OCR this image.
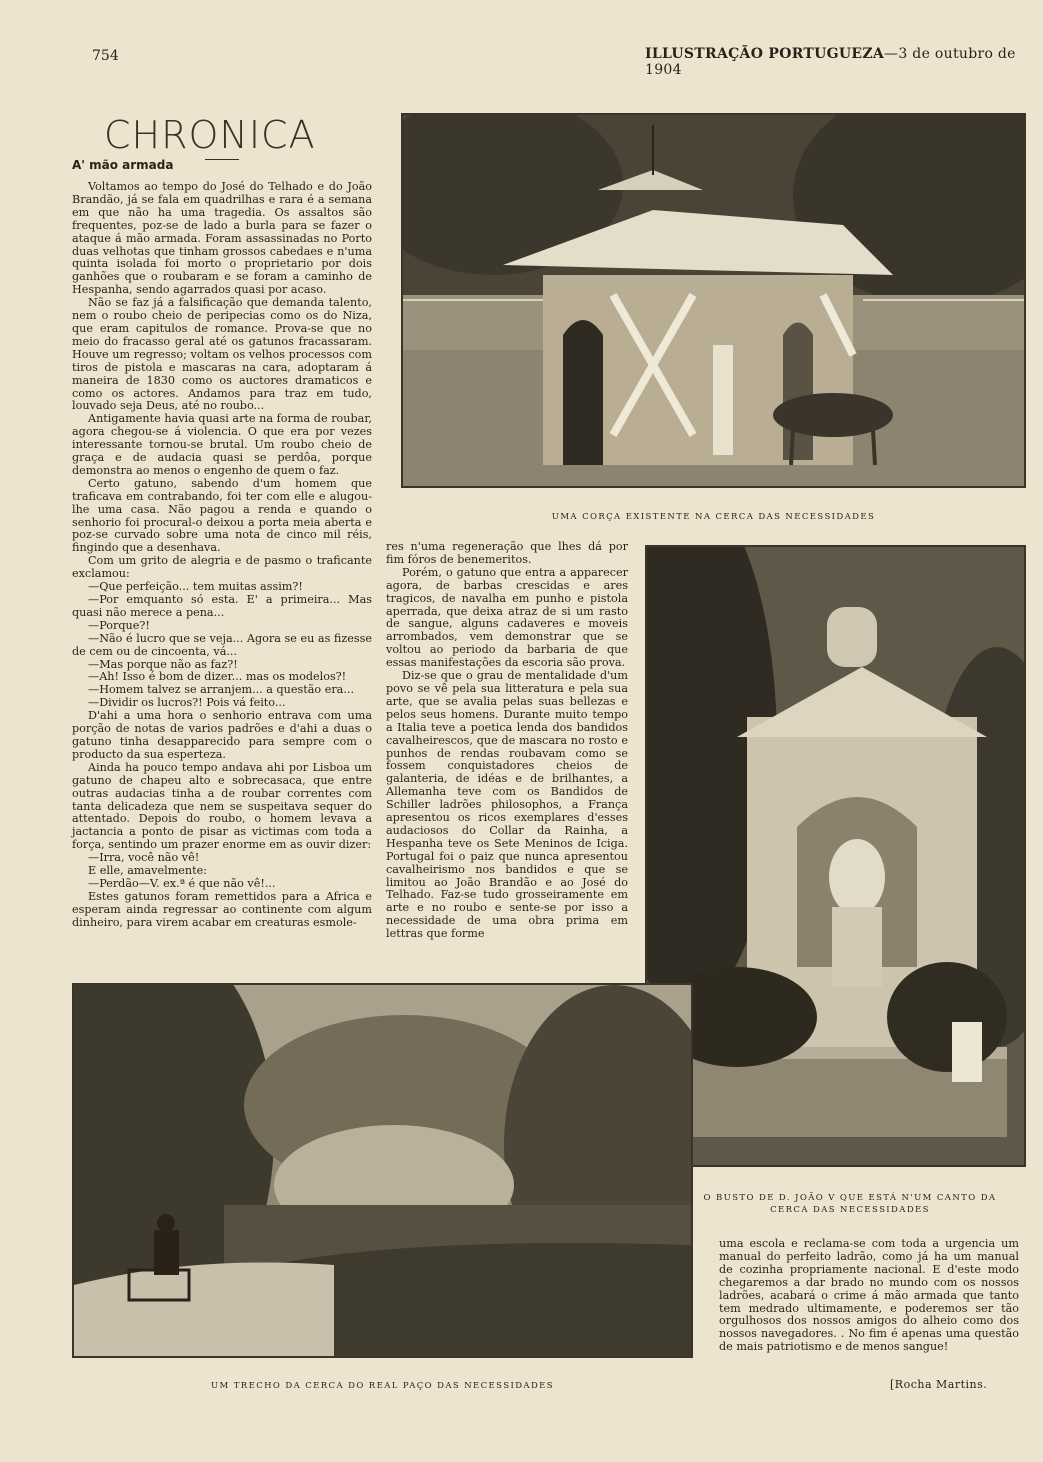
754	ILLUSTRAÇÃO PORTUGUEZA—3 de outubro de 1904
CHRONICA
A' mão armada

Voltamos ao tempo do José do Telhado e do João Brandão, já se fala em quadrilhas e rara é a semana em que não ha uma tragedia. Os assaltos são frequentes, poz-se de lado a burla para se fazer o ataque á mão armada. Foram assassinadas no Porto duas velhotas que tinham grossos cabedaes e n'uma quinta isolada foi morto o proprietario por dois ganhões que o roubaram e se foram a caminho de Hespanha, sendo agarrados quasi por acaso.

Não se faz já a falsificação que demanda talento, nem o roubo cheio de peripecias como os do Niza, que eram capitulos de romance. Prova-se que no meio do fracasso geral até os gatunos fracassaram. Houve um regresso; voltam os velhos processos com tiros de pistola e mascaras na cara, adoptaram á maneira de 1830 como os auctores dramaticos e como os actores. Andamos para traz em tudo, louvado seja Deus, até no roubo...

Antigamente havia quasi arte na forma de roubar, agora chegou-se á violencia. O que era por vezes interessante tornou-se brutal. Um roubo cheio de graça e de audacia quasi se perdôa, porque demonstra ao menos o engenho de quem o faz.

Certo gatuno, sabendo d'um homem que traficava em contrabando, foi ter com elle e alugou-lhe uma casa. Não pagou a renda e quando o senhorio foi procural-o deixou a porta meia aberta e poz-se curvado sobre uma nota de cinco mil réis, fingindo que a desenhava.

Com um grito de alegria e de pasmo o traficante exclamou:

—Que perfeição... tem muitas assim?!

—Por emquanto só esta. E' a primeira... Mas quasi não merece a pena...

—Porque?!

—Não é lucro que se veja... Agora se eu as fizesse de cem ou de cincoenta, vá...

—Mas porque não as faz?!

—Ah! Isso é bom de dizer... mas os modelos?!

—Homem talvez se arranjem... a questão era...

—Dividir os lucros?! Pois vá feito...

D'ahi a uma hora o senhorio entrava com uma porção de notas de varios padrões e d'ahi a duas o gatuno tinha desapparecido para sempre com o producto da sua esperteza.

Ainda ha pouco tempo andava ahi por Lisboa um gatuno de chapeu alto e sobrecasaca, que entre outras audacias tinha a de roubar correntes com tanta delicadeza que nem se suspeitava sequer do attentado. Depois do roubo, o homem levava a jactancia a ponto de pisar as victimas com toda a força, sentindo um prazer enorme em as ouvir dizer:

—Irra, você não vê!

E elle, amavelmente:

—Perdão—V. ex.ª é que não vê!...

Estes gatunos foram remettidos para a Africa e esperam ainda regressar ao continente com algum dinheiro, para virem acabar em creaturas esmole-

res n'uma regeneração que lhes dá por fim fóros de benemeritos.

Porém, o gatuno que entra a apparecer agora, de barbas crescidas e ares tragicos, de navalha em punho e pistola aperrada, que deixa atraz de si um rasto de sangue, alguns cadaveres e moveis arrombados, vem demonstrar que se voltou ao periodo da barbaria de que essas manifestações da escoria são prova.

Diz-se que o grau de mentalidade d'um povo se vê pela sua litteratura e pela sua arte, que se avalia pelas suas bellezas e pelos seus homens. Durante muito tempo a Italia teve a poetica lenda dos bandidos cavalheirescos, que de mascara no rosto e punhos de rendas roubavam como se fossem conquistadores cheios de galanteria, de idéas e de brilhantes, a Allemanha teve com os Bandidos de Schiller ladrões philosophos, a França apresentou os ricos exemplares d'esses audaciosos do Collar da Rainha, a Hespanha teve os Sete Meninos de Iciga. Portugal foi o paiz que nunca apresentou cavalheirismo nos bandidos e que se limitou ao João Brandão e ao José do Telhado. Faz-se tudo grosseiramente em arte e no roubo e sente-se por isso a necessidade de uma obra prima em lettras que forme

uma escola e reclama-se com toda a urgencia um manual do perfeito ladrão, como já ha um manual de cozinha propriamente nacional. E d'este modo chegaremos a dar brado no mundo com os nossos ladrões, acabará o crime á mão armada que tanto tem medrado ultimamente, e poderemos ser tão orgulhosos dos nossos amigos do alheio como dos nossos navegadores. . No fim é apenas uma questão de mais patriotismo e de menos sangue!

[Rocha Martins.
UMA CORÇA EXISTENTE NA CERCA DAS NECESSIDADES
O BUSTO DE D. JOÃO V QUE ESTÁ N'UM CANTO DA CERCA DAS NECESSIDADES
UM TRECHO DA CERCA DO REAL PAÇO DAS NECESSIDADES
